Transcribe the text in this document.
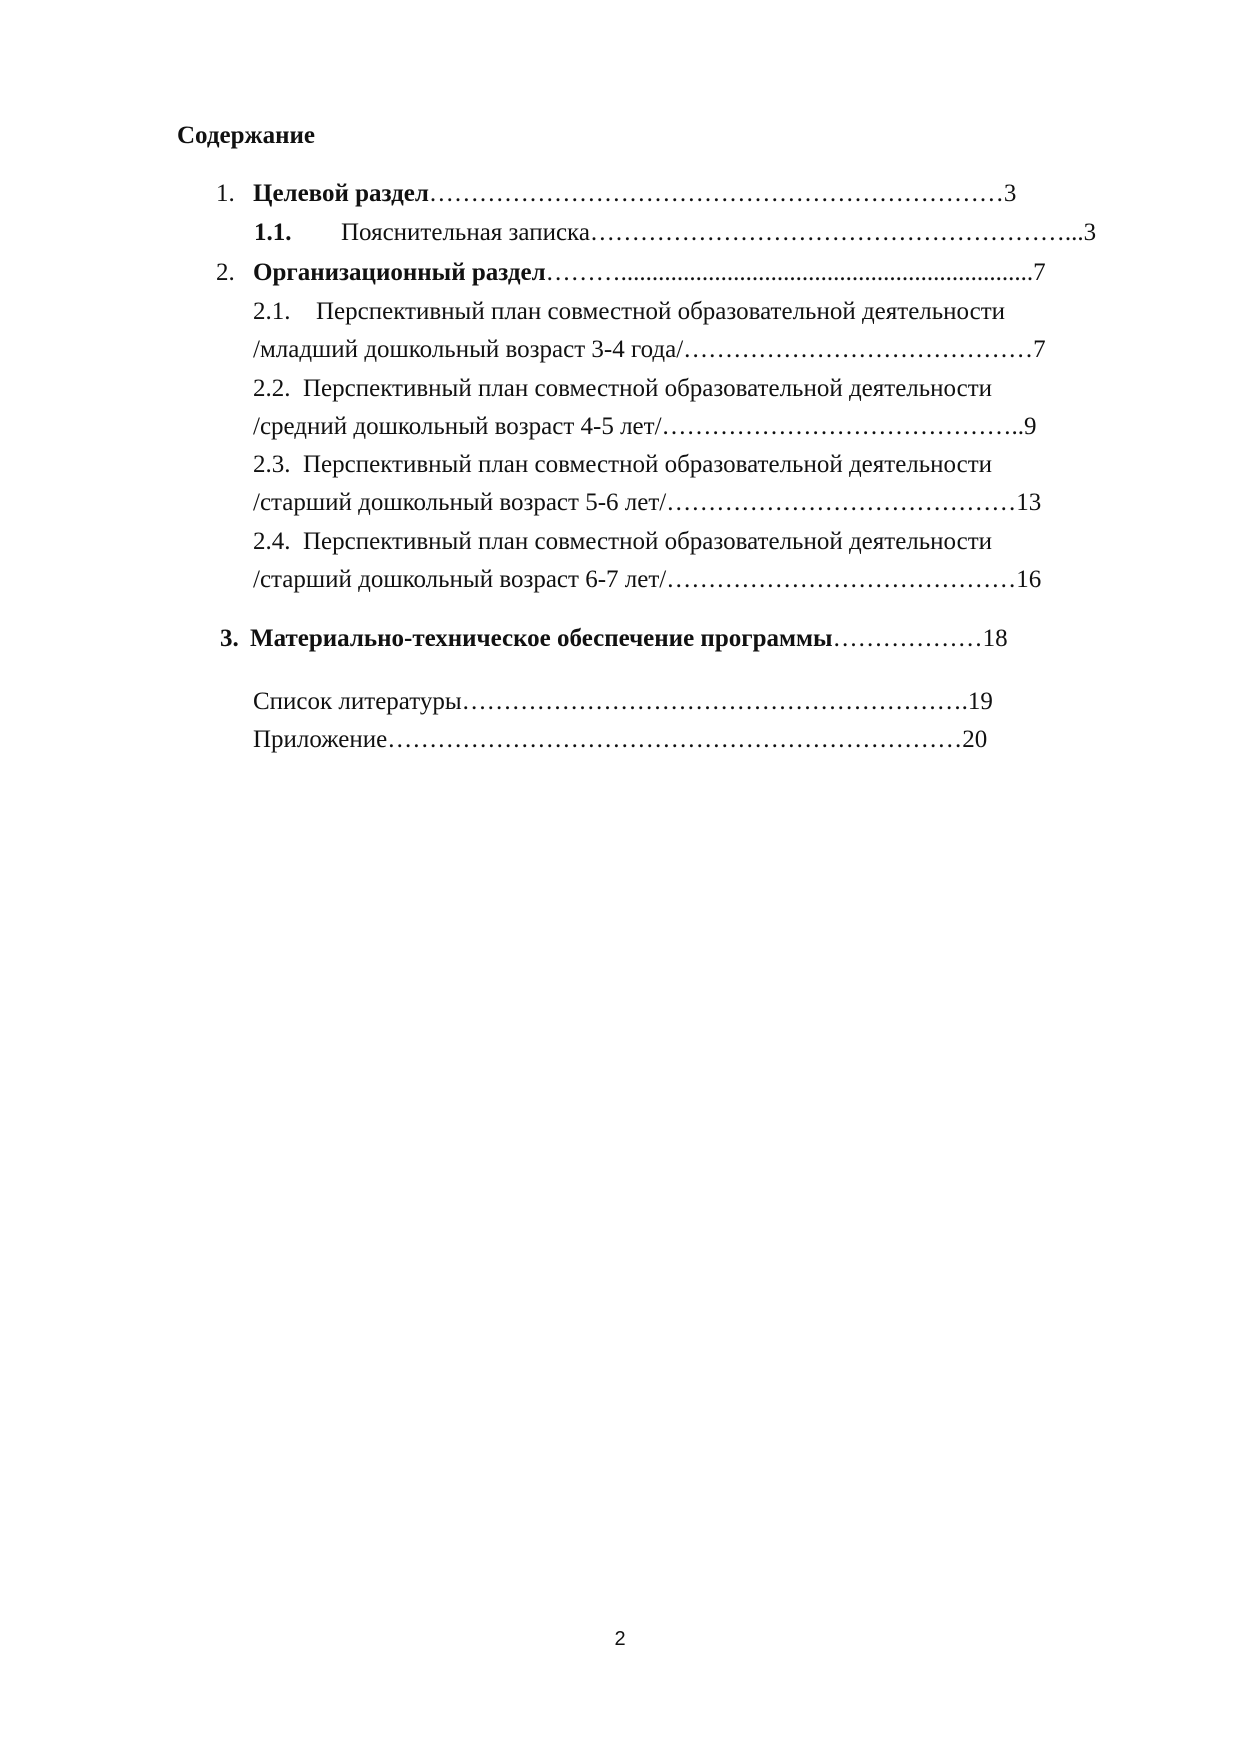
Содержание
1. Целевой раздел……………………………………………………………3
1.1. Пояснительная записка…………………………………………………...3
2. Организационный раздел………..................................................................7
2.1. Перспективный план совместной образовательной деятельности
/младший дошкольный возраст 3-4 года/……………………………………7
2.2. Перспективный план совместной образовательной деятельности
/средний дошкольный возраст 4-5 лет/……………………………………..9
2.3. Перспективный план совместной образовательной деятельности
/старший дошкольный возраст 5-6 лет/……………………………………13
2.4. Перспективный план совместной образовательной деятельности
/старший дошкольный возраст 6-7 лет/……………………………………16
3. Материально-техническое обеспечение программы………………18
Список литературы…………………………………………………….19
Приложение……………………………………………………………20
2
